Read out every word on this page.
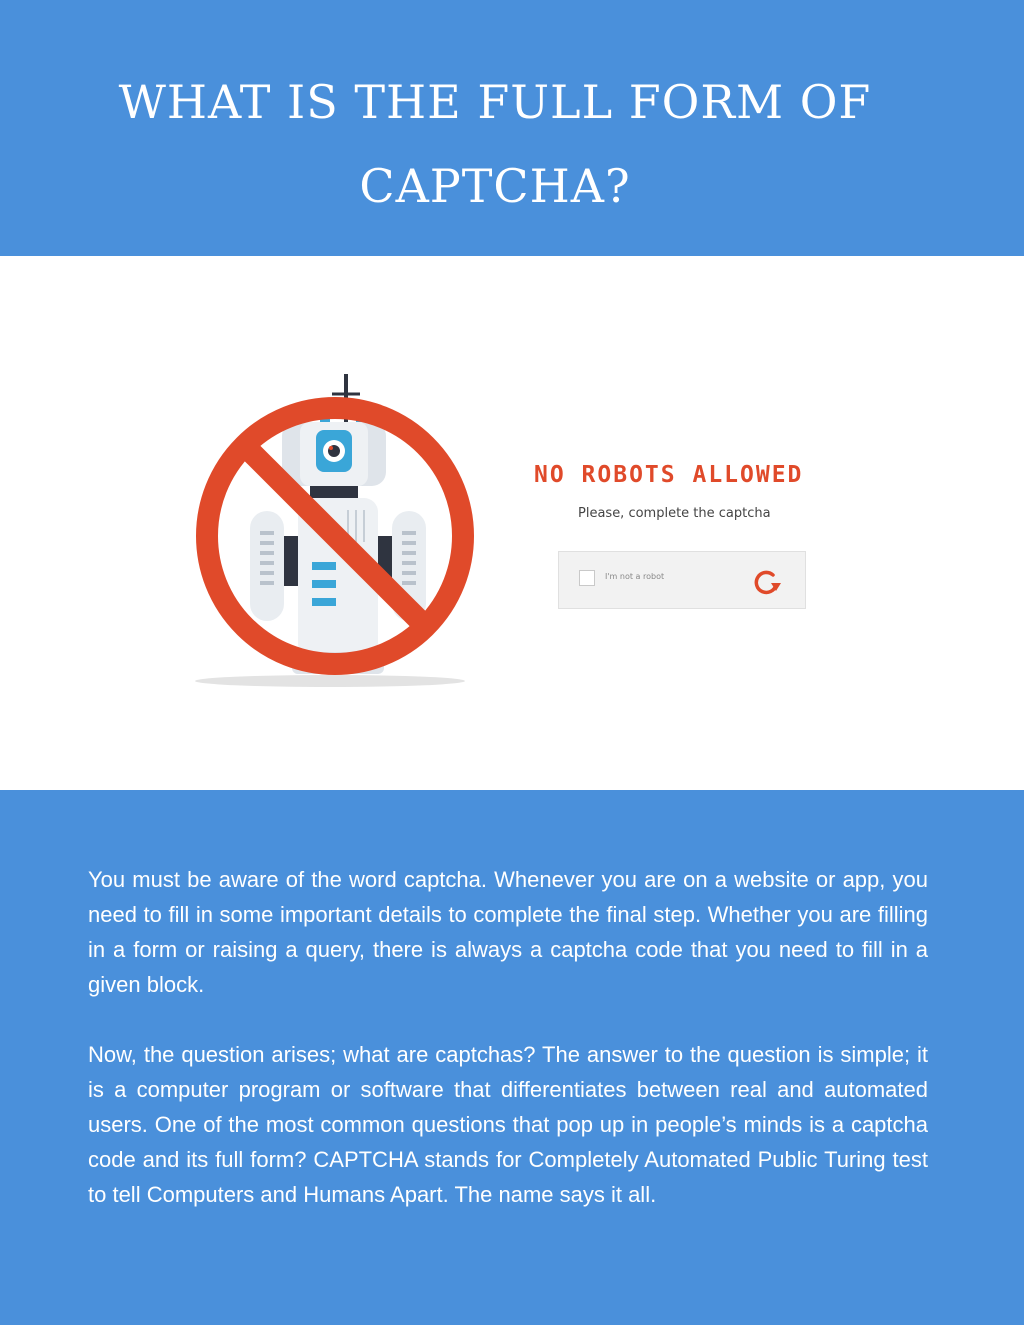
WHAT IS THE FULL FORM OF CAPTCHA?

NO ROBOTS ALLOWED

Please, complete the captcha

I'm not a robot

You must be aware of the word captcha. Whenever you are on a website or app, you need to fill in some important details to complete the final step. Whether you are filling in a form or raising a query, there is always a captcha code that you need to fill in a given block.

Now, the question arises; what are captchas? The answer to the question is simple; it is a computer program or software that differentiates between real and automated users. One of the most common questions that pop up in people’s minds is a captcha code and its full form? CAPTCHA stands for Completely Automated Public Turing test to tell Computers and Humans Apart. The name says it all.
